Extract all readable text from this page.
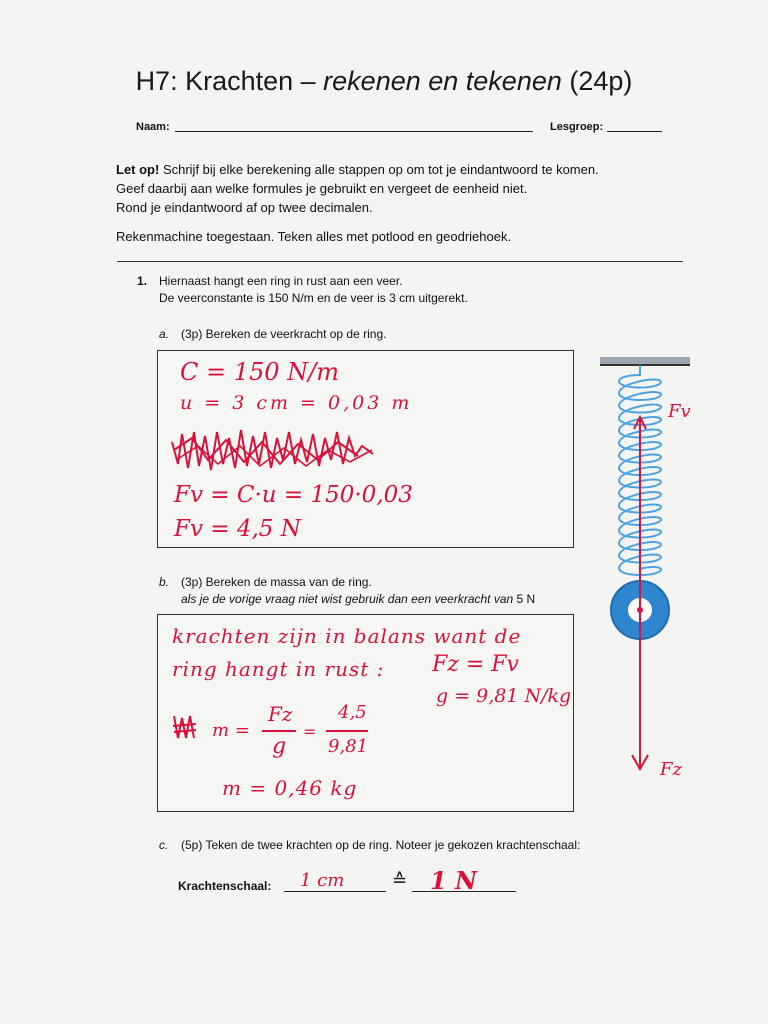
H7: Krachten – rekenen en tekenen (24p)
Naam:	Lesgroep:
Let op! Schrijf bij elke berekening alle stappen op om tot je eindantwoord te komen.
Geef daarbij aan welke formules je gebruikt en vergeet de eenheid niet.
Rond je eindantwoord af op twee decimalen.
Rekenmachine toegestaan. Teken alles met potlood en geodriehoek.
1. Hiernaast hangt een ring in rust aan een veer.
De veerconstante is 150 N/m en de veer is 3 cm uitgerekt.
a. (3p) Bereken de veerkracht op de ring.
C = 150 N/m
u = 3 cm = 0,03 m
Fv = C·u = 150·0,03
Fv = 4,5 N
b. (3p) Bereken de massa van de ring.
als je de vorige vraag niet wist gebruik dan een veerkracht van 5 N
krachten zijn in balans want de
ring hangt in rust : Fz = Fv
g = 9,81 N/kg
m =
Fz
g
=
4,5
9,81
m = 0,46 kg
c. (5p) Teken de twee krachten op de ring. Noteer je gekozen krachtenschaal:
Krachtenschaal: 1 cm	≙ 1 N
Fv
Fz
